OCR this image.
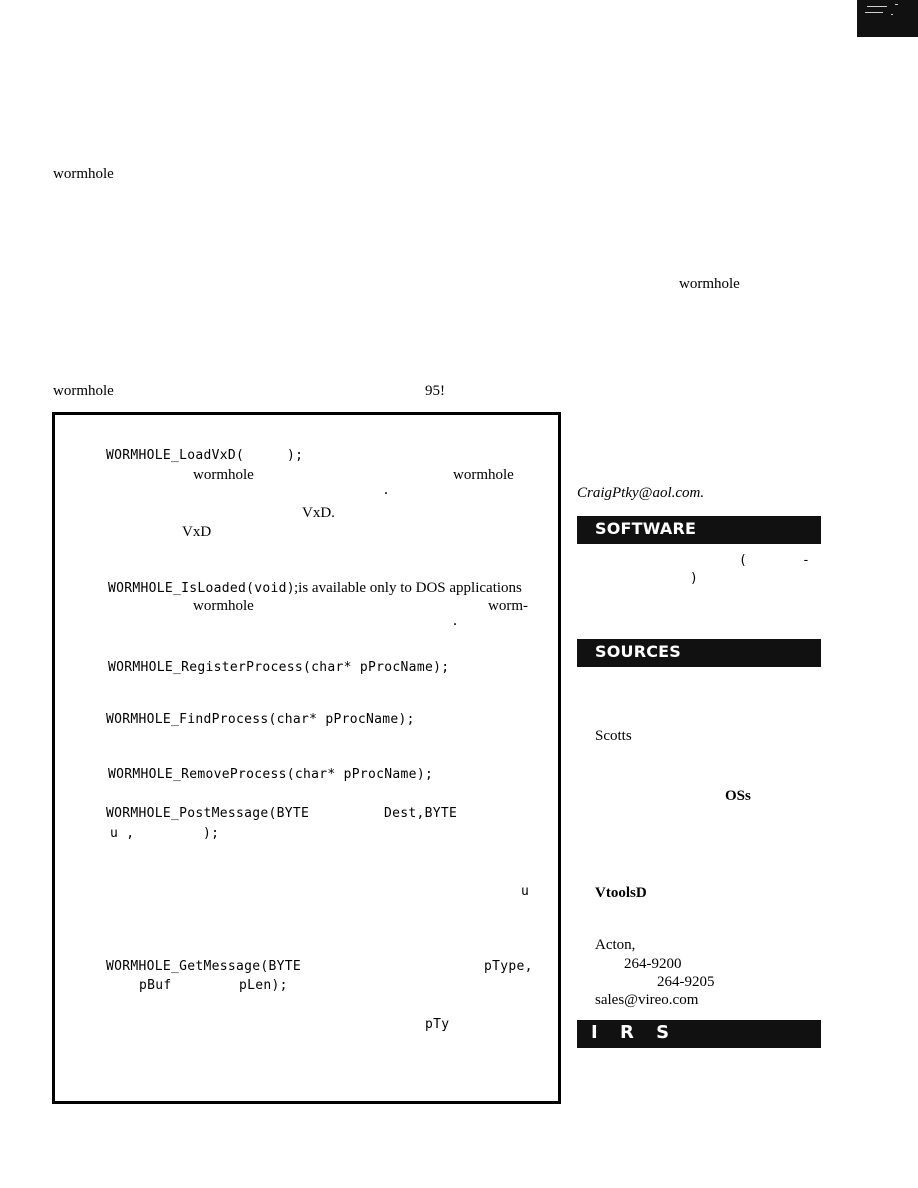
wormhole
wormhole	95!
WORMHOLE_LoadVxD(	);
wormhole	wormhole
·
VxD.
VxD
WORMHOLE_IsLoaded(void) ;is available only to DOS applications
wormhole	worm-
·
WORMHOLE_RegisterProcess(char* pProcName);
WORMHOLE_FindProcess(char* pProcName);
WORMHOLE_RemoveProcess(char* pProcName);
WORMHOLE_PostMessage(BYTE	Dest,BYTE
u ,	);
u
WORMHOLE_GetMessage(BYTE	pType,
pBuf	pLen);
pTy
wormhole
CraigPtky@aol.com.
SOFTWARE
(	-
)
SOURCES
Scotts
OSs
VtoolsD
Acton,
264-9200
264-9205
sales@vireo.com
I R S
